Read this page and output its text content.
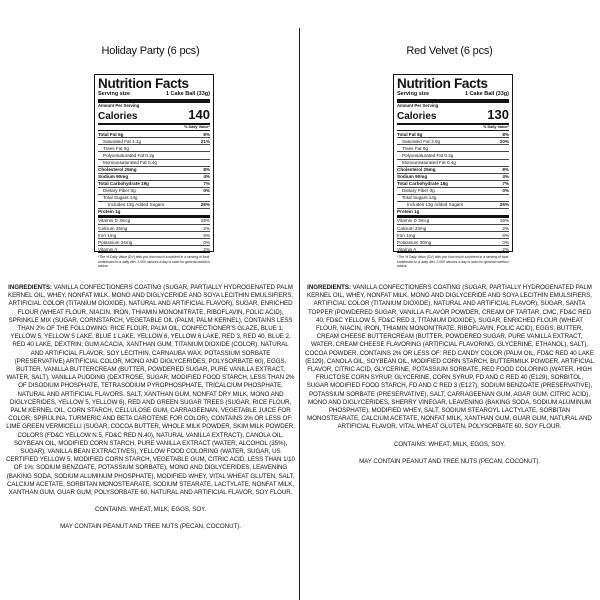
Holiday Party (6 pcs)
Nutrition Facts
Serving size	1 Cake Ball (33g)
Amount Per Serving
Calories	140
% Daily Value*
Total Fat 6g	8%
Saturated Fat 4.1g	21%
Trans Fat 0g
Polyunsaturated Fat 0.2g
Monounsaturated Fat 0.4g
Cholesterol 25mg	8%
Sodium 90mg	4%
Total Carbohydrate 19g	7%
Dietary Fiber 0g	0%
Total Sugars 14g
Includes 13g Added Sugars	26%
Protein 1g
Vitamin D 3mcg	15%
Calcium 25mg	2%
Iron 1mg	6%
Potassium 24mg	0%
Vitamin A	2%
*The % Daily Value (DV) tells you how much a nutrient in a serving of food contributes to a daily diet. 2,000 calories a day is used for general nutrition advice.
INGREDIENTS: VANILLA CONFECTIONERS COATING (SUGAR, PARTIALLY HYDROGENATED PALM KERNEL OIL, WHEY, NONFAT MILK, MONO AND DIGLYCERIDE AND SOYA LECITHIN EMULSIFIERS, ARTIFICIAL COLOR (TITANIUM DIOXIDE), NATURAL AND ARTIFICIAL FLAVOR), SUGAR, ENRICHED FLOUR (WHEAT FLOUR, NIACIN, IRON, THIAMIN MONONITRATE, RIBOFLAVIN, FOLIC ACID), SPRINKLE MIX (SUGAR, CORNSTARCH, VEGETABLE OIL (PALM, PALM KERNEL), CONTAINS LESS THAN 2% OF THE FOLLOWING: RICE FLOUR, PALM OIL, CONFECTIONER'S GLAZE, BLUE 1, YELLOW 5, YELLOW 5 LAKE, BLUE 1 LAKE, YELLOW 6, YELLOW 6 LAKE, RED 3, RED 40, BLUE 2, RED 40 LAKE, DEXTRIN, GUM ACACIA, XANTHAN GUM, TITANIUM DIOXIDE (COLOR), NATURAL AND ARTIFICIAL FLAVOR, SOY LECITHIN, CARNAUBA WAX, POTASSIUM SORBATE (PRESERVATIVE) ARTIFICIAL COLOR, MONO AND DIGLYCERIDES, POLYSORBATE 60), EGGS, BUTTER, VANILLA BUTTERCREAM (BUTTER, POWDERED SUGAR, PURE VANILLA EXTRACT, WATER, SALT), VANILLA PUDDING (DEXTROSE, SUGAR, MODIFIED FOOD STARCH, LESS THAN 2% OF DISODIUM PHOSPHATE, TETRASODIUM PYROPHOSPHATE, TRICALCIUM PHOSPHATE, NATURAL AND ARTIFICIAL FLAVORS, SALT, XANTHAN GUM, NONFAT DRY MILK, MONO AND DIGLYCERIDES, YELLOW 5, YELLOW 6), RED AND GREEN SUGAR TREES (SUGAR, RICE FLOUR, PALM KERNEL OIL, CORN STARCH, CELLULOSE GUM, CARRAGEENAN, VEGETABLE JUICE FOR COLOR, SPIRULINA, TURMERIC AND BETA CAROTENE FOR COLOR), CONTAINS 2% OR LESS OF: LIME GREEN VERMICELLI (SUGAR, COCOA BUTTER, WHOLE MILK POWDER, SKIM MILK POWDER, COLORS (FD&C YELLOW N.5, FD&C RED N.40), NATURAL VANILLA EXTRACT), CANOLA OIL, SOYBEAN OIL, MODIFIED CORN STARCH, PURE VANILLA EXTRACT (WATER, ALCOHOL (35%), SUGAR), VANILLA BEAN EXTRACTIVES), YELLOW FOOD COLORING (WATER, SUGAR, US CERTIFIED YELLOW 5, MODIFIED CORN STARCH, VEGETABLE GUM, CITRIC ACID, LESS THAN 1/10 OF 1%: SODIUM BENZOATE, POTASSIUM SORBATE), MONO AND DIGLYCERIDES, LEAVENING (BAKING SODA, SODIUM ALUMINUM PHOSPHATE), MODIFIED WHEY, VITAL WHEAT GLUTEN, SALT, CALCIUM ACETATE, SORBITAN MONOSTEARATE, SODIUM STEARATE, LACTYLATE, NONFAT MILK, XANTHAN GUM, GUAR GUM, POLYSORBATE 60, NATURAL AND ARTIFICIAL FLAVOR, SOY FLOUR.
CONTAINS: WHEAT, MILK, EGGS, SOY.
MAY CONTAIN PEANUT AND TREE NUTS (PECAN, COCONUT).
Red Velvet (6 pcs)
Nutrition Facts
Serving size	1 Cake Ball (33g)
Amount Per Serving
Calories	130
% Daily Value*
Total Fat 6g	8%
Saturated Fat 3.9g	20%
Trans Fat 0g
Polyunsaturated Fat 0.2g
Monounsaturated Fat 0.4g
Cholesterol 25mg	8%
Sodium 90mg	4%
Total Carbohydrate 18g	7%
Dietary Fiber 0g	0%
Total Sugars 14g
Includes 13g Added Sugars	26%
Protein 1g
Vitamin D 3mcg	15%
Calcium 23mg	2%
Iron 1mg	6%
Potassium 30mg	0%
Vitamin A	2%
*The % Daily Value (DV) tells you how much a nutrient in a serving of food contributes to a daily diet. 2,000 calories a day is used for general nutrition advice.
INGREDIENTS: VANILLA CONFECTIONERS COATING (SUGAR, PARTIALLY HYDROGENATED PALM KERNEL OIL, WHEY, NONFAT MILK, MONO AND DIGLYCERIDE AND SOYA LECITHIN EMULSIFIERS, ARTIFICIAL COLOR (TITANIUM DIOXIDE), NATURAL AND ARTIFICIAL FLAVOR), SUGAR, SANTA TOPPER (POWDERED SUGAR, VANILLA FLAVOR POWDER, CREAM OF TARTAR, CMC, FD&C RED 40, FD&C YELLOW 5, FD&C RED 3, TITANIUM DIOXIDE), SUGAR, ENRICHED FLOUR (WHEAT FLOUR, NIACIN, IRON, THIAMIN MONONITRATE, RIBOFLAVIN, FOLIC ACID), EGGS, BUTTER, CREAM CHEESE BUTTERCREAM (BUTTER, POWDERED SUGAR, PURE VANILLA EXTRACT, WATER, CREAM CHEESE FLAVORING (ARTIFICIAL FLAVORING, GLYCERINE, ETHANOL), SALT), COCOA POWDER, CONTAINS 2% OR LESS OF: RED CANDY COLOR (PALM OIL, FD&C RED 40 LAKE (E129), CANOLA OIL, SOYBEAN OIL, MODIFIED CORN STARCH, BUTTERMILK POWDER, ARTIFICIAL FLAVOR, CITRIC ACID, GLYCERINE, POTASSIUM SORBATE, RED FOOD COLORING (WATER, HIGH FRUCTOSE CORN SYRUP, GLYCERINE, CORN SYRUP, FD AND C RED 40 (E129), SORBITOL, SUGAR MODIFIED FOOD STARCH, FD AND C RED 3 (E127), SODIUM BENZOATE (PRESERVATIVE), POTASSIUM SORBATE (PRESERVATIVE), SALT, CARRAGEENAN GUM, AGAR GUM, CITRIC ACID), MONO AND DIGLYCERIDES, SHERRY VINEGAR, LEAVENING (BAKING SODA, SODIUM ALUMINUM PHOSPHATE), MODIFIED WHEY, SALT, SODIUM STEAROYL LACTYLATE, SORBITAN MONOSTEARATE, CALCIUM ACETATE, NONFAT MILK, XANTHAN GUM, GUAR GUM, NATURAL AND ARTIFICIAL FLAVOR, VITAL WHEAT GLUTEN, POLYSORBATE 60, SOY FLOUR.
CONTAINS: WHEAT, MILK, EGGS, SOY.
MAY CONTAIN PEANUT AND TREE NUTS (PECAN, COCONUT).
